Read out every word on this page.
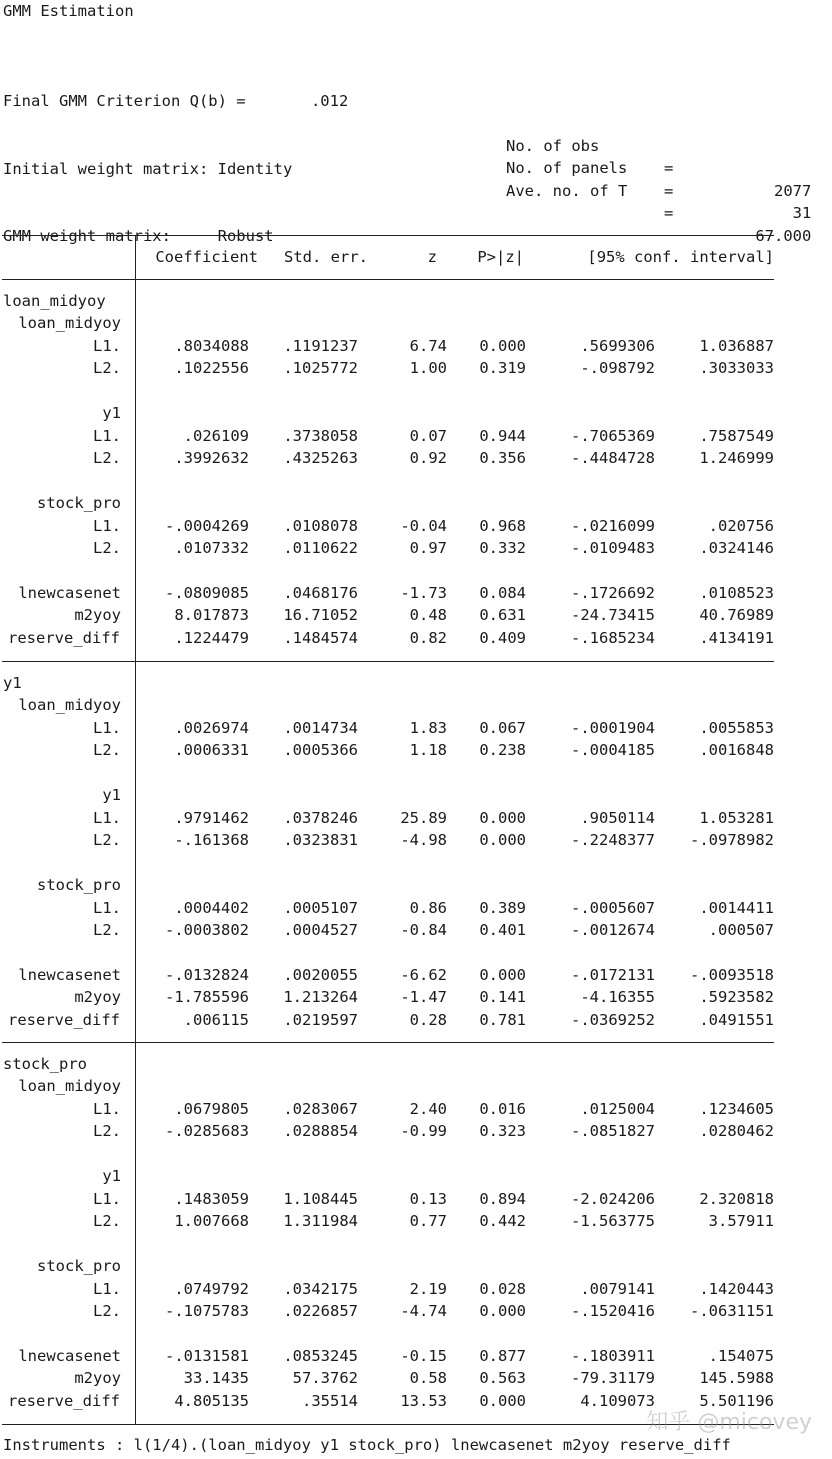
GMM Estimation

Final GMM Criterion Q(b) =       .012

Initial weight matrix: Identity

GMM weight matrix:     Robust

No. of obs

=

2077

No. of panels

=

31

Ave. no. of T

=

67.000

Coefficient Std. err.	z	P>|z|	[95% conf. interval]
loan_midyoy
loan_midyoy
L1.	.8034088 .1191237	6.74 0.000	.5699306	1.036887
L2.	.1022556 .1025772	1.00 0.319	-.098792	.3033033
y1
L1.	.026109 .3738058	0.07 0.944	-.7065369	.7587549
L2.	.3992632 .4325263	0.92 0.356	-.4484728	1.246999
stock_pro
L1.	-.0004269 .0108078	-0.04 0.968	-.0216099	.020756
L2.	.0107332 .0110622	0.97 0.332	-.0109483	.0324146
lnewcasenet	-.0809085 .0468176	-1.73 0.084	-.1726692	.0108523
m2yoy	8.017873 16.71052	0.48 0.631	-24.73415	40.76989
reserve_diff	.1224479 .1484574	0.82 0.409	-.1685234	.4134191
y1
loan_midyoy
L1.	.0026974 .0014734	1.83 0.067	-.0001904	.0055853
L2.	.0006331 .0005366	1.18 0.238	-.0004185	.0016848
y1
L1.	.9791462 .0378246	25.89 0.000	.9050114	1.053281
L2.	-.161368 .0323831	-4.98 0.000	-.2248377 -.0978982
stock_pro
L1.	.0004402 .0005107	0.86 0.389	-.0005607	.0014411
L2.	-.0003802 .0004527	-0.84 0.401	-.0012674	.000507
lnewcasenet	-.0132824 .0020055	-6.62 0.000	-.0172131 -.0093518
m2yoy	-1.785596 1.213264	-1.47 0.141	-4.16355	.5923582
reserve_diff	.006115 .0219597	0.28 0.781	-.0369252	.0491551
stock_pro
loan_midyoy
L1.	.0679805 .0283067	2.40 0.016	.0125004	.1234605
L2.	-.0285683 .0288854	-0.99 0.323	-.0851827	.0280462
y1
L1.	.1483059 1.108445	0.13 0.894	-2.024206	2.320818
L2.	1.007668 1.311984	0.77 0.442	-1.563775	3.57911
stock_pro
L1.	.0749792 .0342175	2.19 0.028	.0079141	.1420443
L2.	-.1075783 .0226857	-4.74 0.000	-.1520416 -.0631151
lnewcasenet	-.0131581 .0853245	-0.15 0.877	-.1803911	.154075
m2yoy	33.1435	57.3762	0.58 0.563	-79.31179	145.5988
reserve_diff	4.805135	.35514	13.53 0.000	4.109073	5.501196
Instruments : l(1/4).(loan_midyoy y1 stock_pro) lnewcasenet m2yoy reserve_diff
知乎 @micovey
